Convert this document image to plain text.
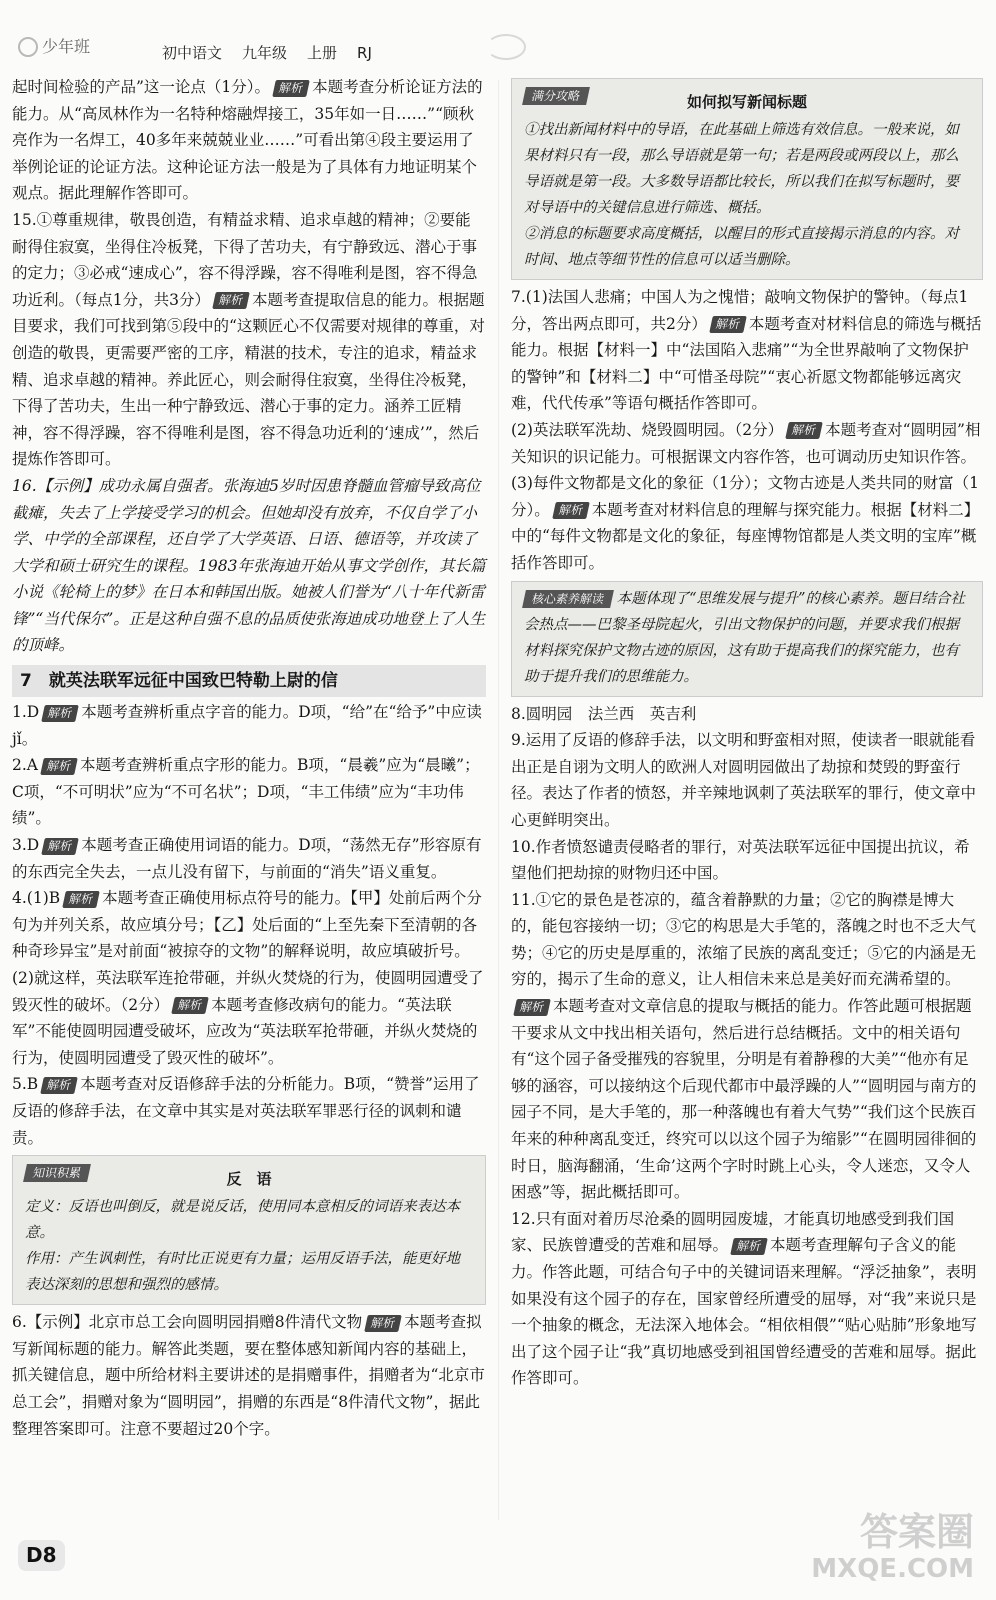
少年班	初中语文 九年级 上册 RJ

起时间检验的产品”这一论点（1分）。 解析 本题考查分析论证方法的能力。从“高凤林作为一名特种熔融焊接工，35年如一日……”“顾秋亮作为一名焊工，40多年来兢兢业业……”可看出第④段主要运用了举例论证的论证方法。这种论证方法一般是为了具体有力地证明某个观点。据此理解作答即可。

15.①尊重规律，敬畏创造，有精益求精、追求卓越的精神；②要能耐得住寂寞，坐得住冷板凳，下得了苦功夫，有宁静致远、潜心于事的定力；③必戒“速成心”，容不得浮躁，容不得唯利是图，容不得急功近利。（每点1分，共3分） 解析 本题考查提取信息的能力。根据题目要求，我们可找到第⑤段中的“这颗匠心不仅需要对规律的尊重，对创造的敬畏，更需要严密的工序，精湛的技术，专注的追求，精益求精、追求卓越的精神。养此匠心，则会耐得住寂寞，坐得住冷板凳，下得了苦功夫，生出一种宁静致远、潜心于事的定力。涵养工匠精神，容不得浮躁，容不得唯利是图，容不得急功近利的‘速成’”，然后提炼作答即可。

16.【示例】成功永属自强者。张海迪5岁时因患脊髓血管瘤导致高位截瘫，失去了上学接受学习的机会。但她却没有放弃，不仅自学了小学、中学的全部课程，还自学了大学英语、日语、德语等，并攻读了大学和硕士研究生的课程。1983年张海迪开始从事文学创作，其长篇小说《轮椅上的梦》在日本和韩国出版。她被人们誉为“八十年代新雷锋”“当代保尔”。正是这种自强不息的品质使张海迪成功地登上了人生的顶峰。

7　就英法联军远征中国致巴特勒上尉的信

1.D 解析 本题考查辨析重点字音的能力。D项，“给”在“给予”中应读jǐ。

2.A 解析 本题考查辨析重点字形的能力。B项，“晨羲”应为“晨曦”；C项，“不可明状”应为“不可名状”；D项，“丰工伟绩”应为“丰功伟绩”。

3.D 解析 本题考查正确使用词语的能力。D项，“荡然无存”形容原有的东西完全失去，一点儿没有留下，与前面的“消失”语义重复。

4.(1)B 解析 本题考查正确使用标点符号的能力。【甲】处前后两个分句为并列关系，故应填分号；【乙】处后面的“上至先秦下至清朝的各种奇珍异宝”是对前面“被掠夺的文物”的解释说明，故应填破折号。

(2)就这样，英法联军连抢带砸，并纵火焚烧的行为，使圆明园遭受了毁灭性的破坏。（2分） 解析 本题考查修改病句的能力。“英法联军”不能使圆明园遭受破坏，应改为“英法联军抢带砸，并纵火焚烧的行为，使圆明园遭受了毁灭性的破坏”。

5.B 解析 本题考查对反语修辞手法的分析能力。B项，“赞誉”运用了反语的修辞手法，在文章中其实是对英法联军罪恶行径的讽刺和谴责。

知识积累	反　语
定义：反语也叫倒反，就是说反话，使用同本意相反的词语来表达本意。
作用：产生讽刺性，有时比正说更有力量；运用反语手法，能更好地表达深刻的思想和强烈的感情。

6.【示例】北京市总工会向圆明园捐赠8件清代文物 解析 本题考查拟写新闻标题的能力。解答此类题，要在整体感知新闻内容的基础上，抓关键信息，题中所给材料主要讲述的是捐赠事件，捐赠者为“北京市总工会”，捐赠对象为“圆明园”，捐赠的东西是“8件清代文物”，据此整理答案即可。注意不要超过20个字。

满分攻略	如何拟写新闻标题
①找出新闻材料中的导语，在此基础上筛选有效信息。一般来说，如果材料只有一段，那么导语就是第一句；若是两段或两段以上，那么导语就是第一段。大多数导语都比较长，所以我们在拟写标题时，要对导语中的关键信息进行筛选、概括。
②消息的标题要求高度概括，以醒目的形式直接揭示消息的内容。对时间、地点等细节性的信息可以适当删除。

7.(1)法国人悲痛；中国人为之愧惜；敲响文物保护的警钟。（每点1分，答出两点即可，共2分） 解析 本题考查对材料信息的筛选与概括能力。根据【材料一】中“法国陷入悲痛”“为全世界敲响了文物保护的警钟”和【材料二】中“可惜圣母院”“衷心祈愿文物都能够远离灾难，代代传承”等语句概括作答即可。

(2)英法联军洗劫、烧毁圆明园。（2分） 解析 本题考查对“圆明园”相关知识的识记能力。可根据课文内容作答，也可调动历史知识作答。

(3)每件文物都是文化的象征（1分）；文物古迹是人类共同的财富（1分）。 解析 本题考查对材料信息的理解与探究能力。根据【材料二】中的“每件文物都是文化的象征，每座博物馆都是人类文明的宝库”概括作答即可。

核心素养解读 本题体现了“思维发展与提升”的核心素养。题目结合社会热点——巴黎圣母院起火，引出文物保护的问题，并要求我们根据材料探究保护文物古迹的原因，这有助于提高我们的探究能力，也有助于提升我们的思维能力。

8.圆明园　法兰西　英吉利

9.运用了反语的修辞手法，以文明和野蛮相对照，使读者一眼就能看出正是自诩为文明人的欧洲人对圆明园做出了劫掠和焚毁的野蛮行径。表达了作者的愤怒，并辛辣地讽刺了英法联军的罪行，使文章中心更鲜明突出。

10.作者愤怒谴责侵略者的罪行，对英法联军远征中国提出抗议，希望他们把劫掠的财物归还中国。

11.①它的景色是苍凉的，蕴含着静默的力量；②它的胸襟是博大的，能包容接纳一切；③它的构思是大手笔的，落魄之时也不乏大气势；④它的历史是厚重的，浓缩了民族的离乱变迁；⑤它的内涵是无穷的，揭示了生命的意义，让人相信未来总是美好而充满希望的。解析 本题考查对文章信息的提取与概括的能力。作答此题可根据题干要求从文中找出相关语句，然后进行总结概括。文中的相关语句有“这个园子备受摧残的容貌里，分明是有着静穆的大美”“他亦有足够的涵容，可以接纳这个后现代都市中最浮躁的人”“圆明园与南方的园子不同，是大手笔的，那一种落魄也有着大气势”“我们这个民族百年来的种种离乱变迁，终究可以以这个园子为缩影”“在圆明园徘徊的时日，脑海翻涌，‘生命’这两个字时时跳上心头，令人迷恋，又令人困惑”等，据此概括即可。

12.只有面对着历尽沧桑的圆明园废墟，才能真切地感受到我们国家、民族曾遭受的苦难和屈辱。 解析 本题考查理解句子含义的能力。作答此题，可结合句子中的关键词语来理解。“浮泛抽象”，表明如果没有这个园子的存在，国家曾经所遭受的屈辱，对“我”来说只是一个抽象的概念，无法深入地体会。“相依相偎”“贴心贴肺”形象地写出了这个园子让“我”真切地感受到祖国曾经遭受的苦难和屈辱。据此作答即可。

D8
答案圈
MXQE.COM
